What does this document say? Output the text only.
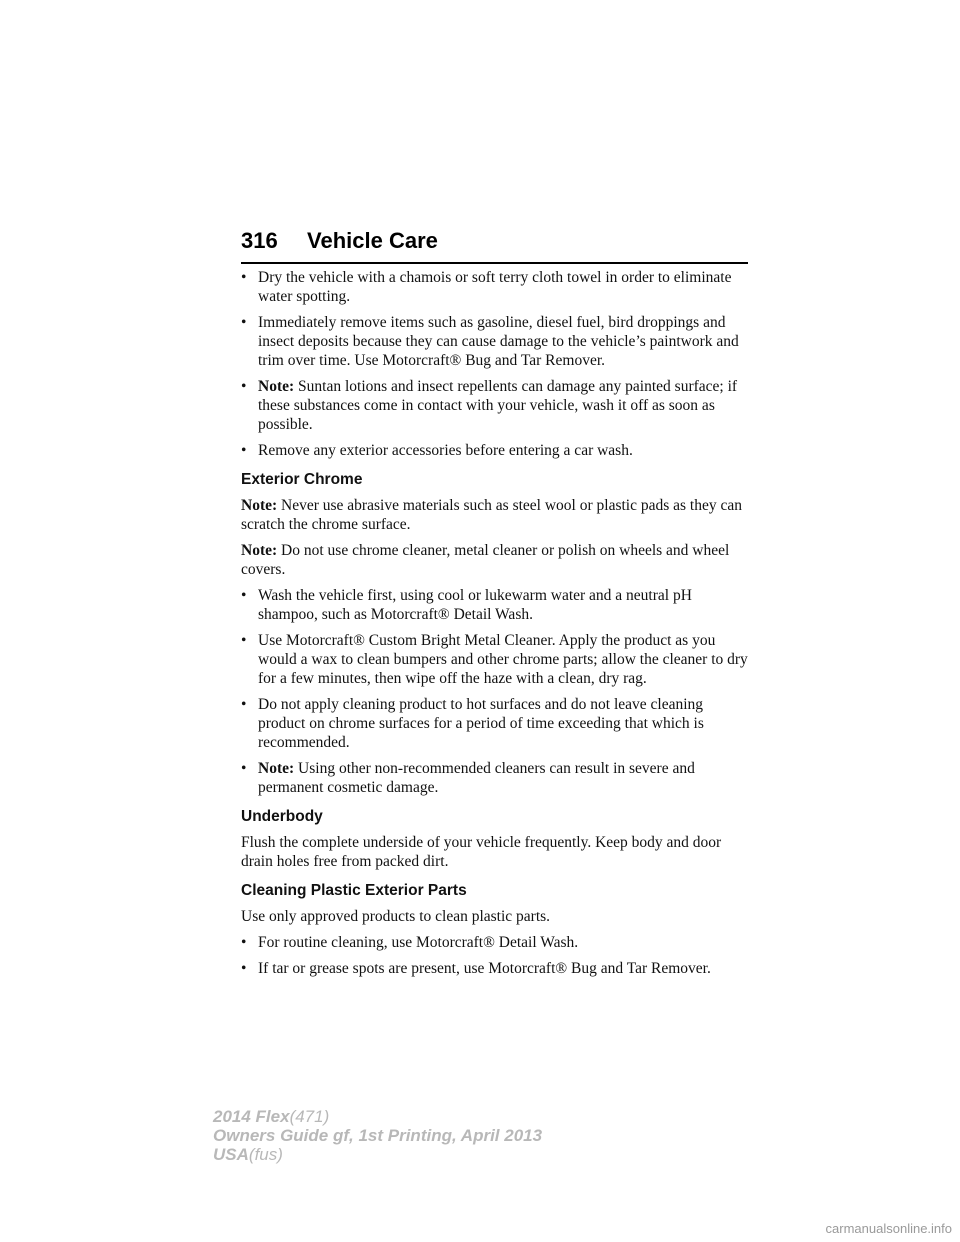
316 Vehicle Care
• Dry the vehicle with a chamois or soft terry cloth towel in order to eliminate water spotting.
• Immediately remove items such as gasoline, diesel fuel, bird droppings and insect deposits because they can cause damage to the vehicle’s paintwork and trim over time. Use Motorcraft® Bug and Tar Remover.
• Note: Suntan lotions and insect repellents can damage any painted surface; if these substances come in contact with your vehicle, wash it off as soon as possible.
• Remove any exterior accessories before entering a car wash.
Exterior Chrome
Note: Never use abrasive materials such as steel wool or plastic pads as they can scratch the chrome surface.
Note: Do not use chrome cleaner, metal cleaner or polish on wheels and wheel covers.
• Wash the vehicle first, using cool or lukewarm water and a neutral pH shampoo, such as Motorcraft® Detail Wash.
• Use Motorcraft® Custom Bright Metal Cleaner. Apply the product as you would a wax to clean bumpers and other chrome parts; allow the cleaner to dry for a few minutes, then wipe off the haze with a clean, dry rag.
• Do not apply cleaning product to hot surfaces and do not leave cleaning product on chrome surfaces for a period of time exceeding that which is recommended.
• Note: Using other non-recommended cleaners can result in severe and permanent cosmetic damage.
Underbody
Flush the complete underside of your vehicle frequently. Keep body and door drain holes free from packed dirt.
Cleaning Plastic Exterior Parts
Use only approved products to clean plastic parts.
• For routine cleaning, use Motorcraft® Detail Wash.
• If tar or grease spots are present, use Motorcraft® Bug and Tar Remover.
2014 Flex(471)
Owners Guide gf, 1st Printing, April 2013
USA(fus)
carmanualsonline.info
